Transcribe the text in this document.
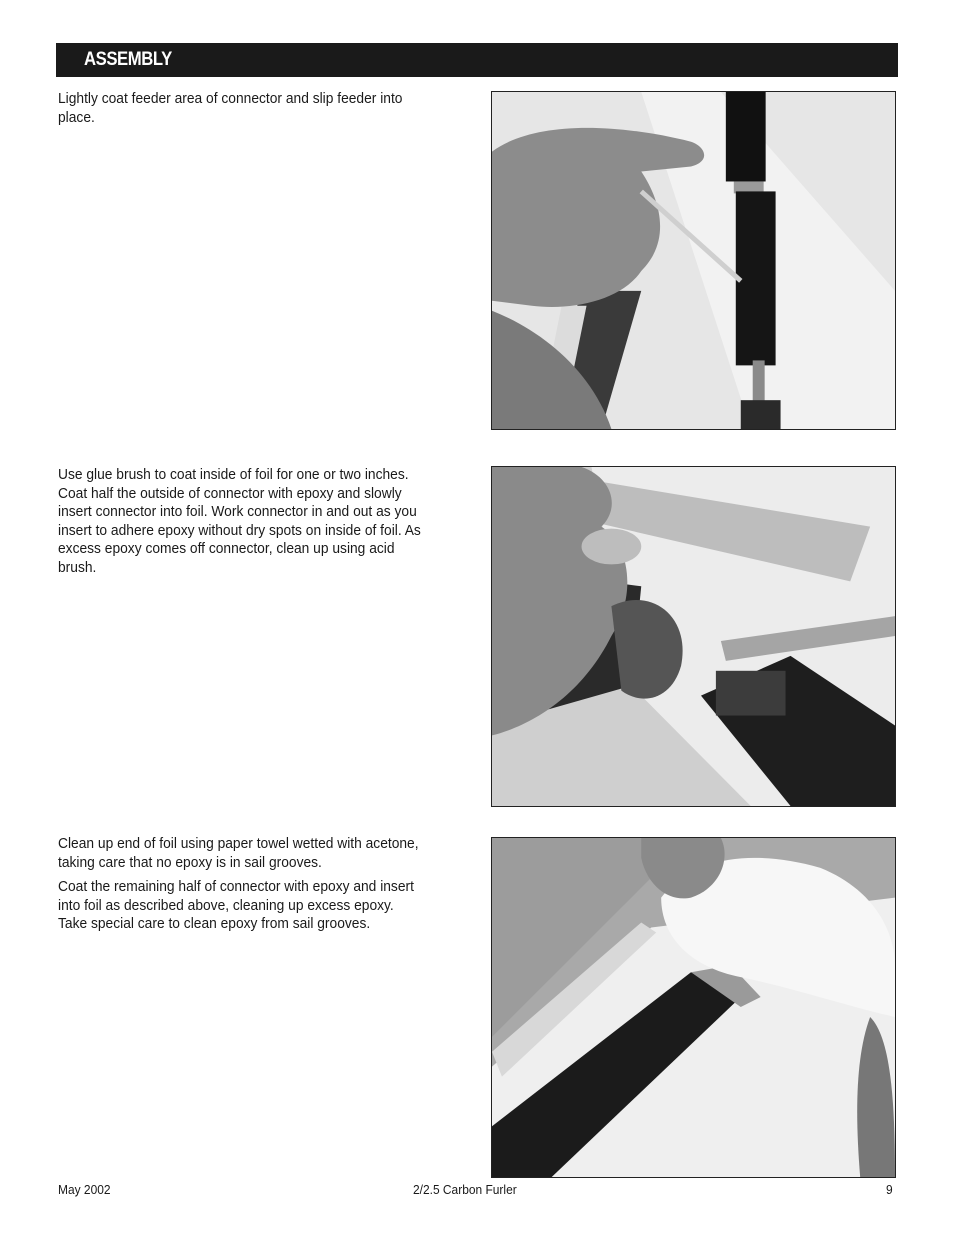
ASSEMBLY

Lightly coat feeder area of connector and slip feeder into place.

Use glue brush to coat inside of foil for one or two inches. Coat half the outside of connector with epoxy and slowly insert connector into foil. Work connector in and out as you insert to adhere epoxy without dry spots on inside of foil. As excess epoxy comes off connector, clean up using acid brush.

Clean up end of foil using paper towel wetted with acetone, taking care that no epoxy is in sail grooves.

Coat the remaining half of connector with epoxy and insert into foil as described above, cleaning up excess epoxy. Take special care to clean epoxy from sail grooves.

May 2002	2/2.5 Carbon Furler	9
